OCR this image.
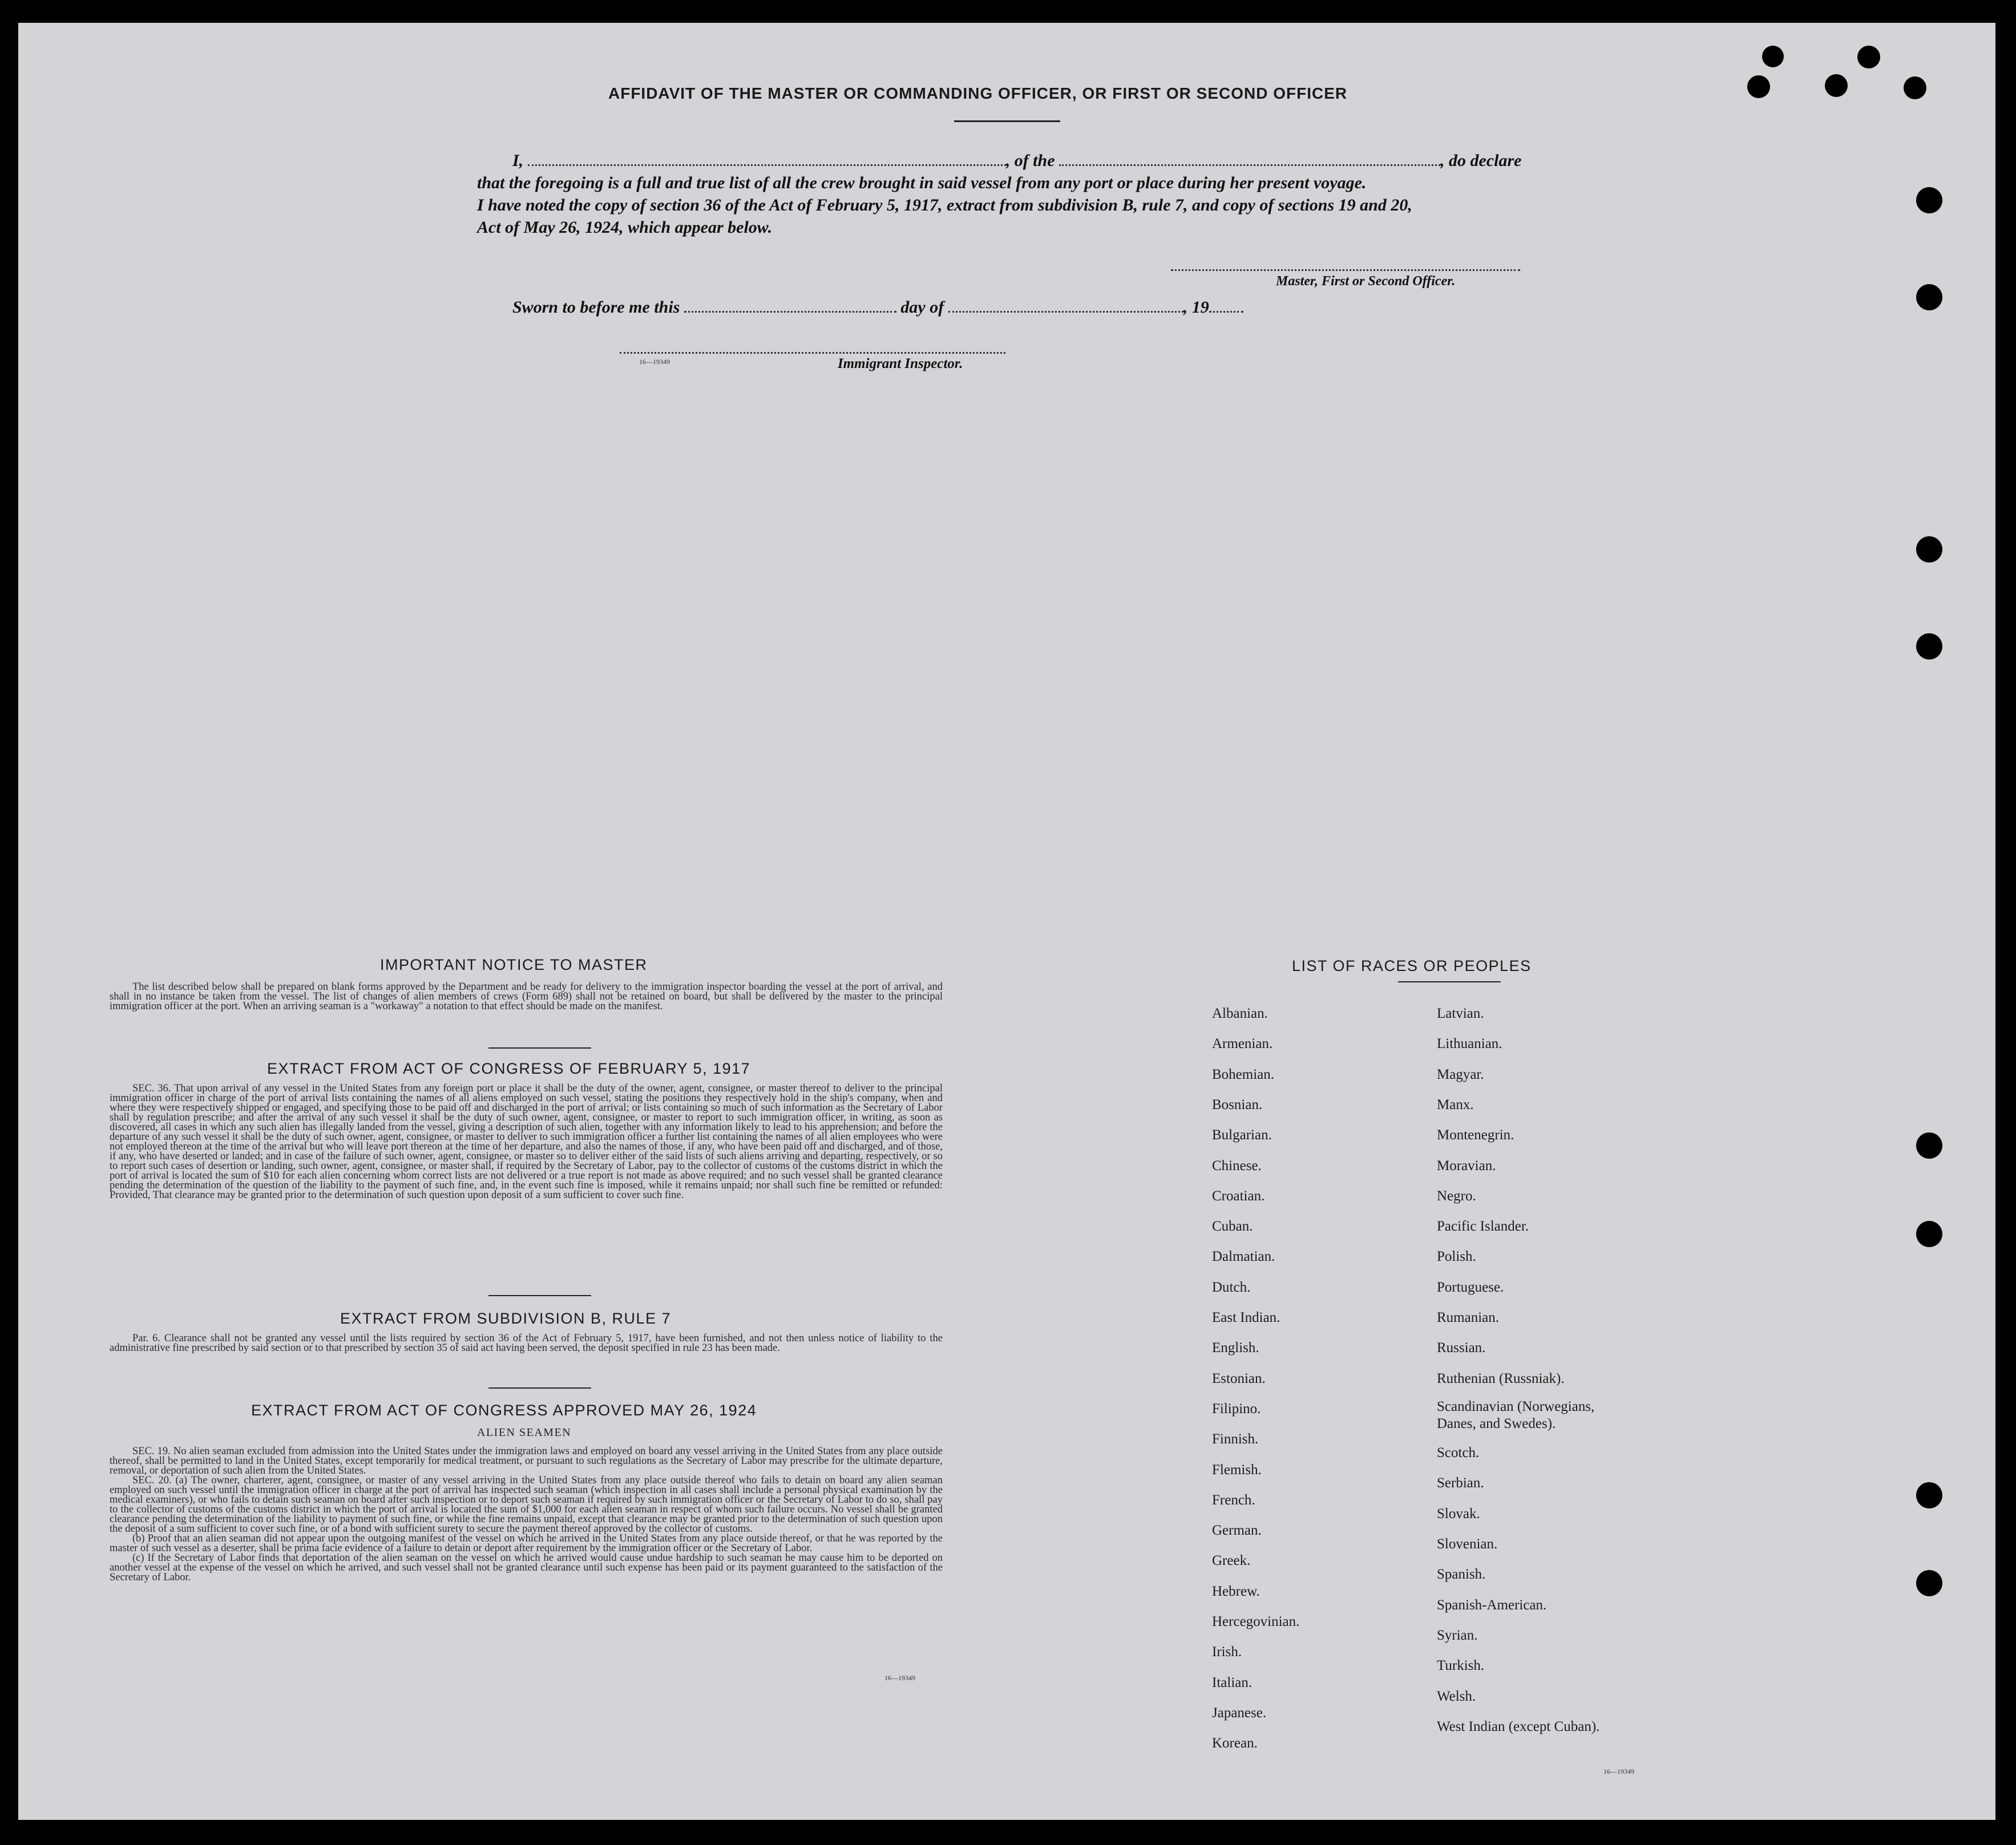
AFFIDAVIT OF THE MASTER OR COMMANDING OFFICER, OR FIRST OR SECOND OFFICER
I,	, of the	, do declare
that the foregoing is a full and true list of all the crew brought in said vessel from any port or place during her present voyage.
I have noted the copy of section 36 of the Act of February 5, 1917, extract from subdivision B, rule 7, and copy of sections 19 and 20,
Act of May 26, 1924, which appear below.
Master, First or Second Officer.
Sworn to before me this	day of	, 19
16—19349	Immigrant Inspector.
IMPORTANT NOTICE TO MASTER

The list described below shall be prepared on blank forms approved by the Department and be ready for delivery to the immigration inspector boarding the vessel at the port of arrival, and shall in no instance be taken from the vessel. The list of changes of alien members of crews (Form 689) shall not be retained on board, but shall be delivered by the master to the principal immigration officer at the port. When an arriving seaman is a "workaway" a notation to that effect should be made on the manifest.

EXTRACT FROM ACT OF CONGRESS OF FEBRUARY 5, 1917

SEC. 36. That upon arrival of any vessel in the United States from any foreign port or place it shall be the duty of the owner, agent, consignee, or master thereof to deliver to the principal immigration officer in charge of the port of arrival lists containing the names of all aliens employed on such vessel, stating the positions they respectively hold in the ship's company, when and where they were respectively shipped or engaged, and specifying those to be paid off and discharged in the port of arrival; or lists containing so much of such information as the Secretary of Labor shall by regulation prescribe; and after the arrival of any such vessel it shall be the duty of such owner, agent, consignee, or master to report to such immigration officer, in writing, as soon as discovered, all cases in which any such alien has illegally landed from the vessel, giving a description of such alien, together with any information likely to lead to his apprehension; and before the departure of any such vessel it shall be the duty of such owner, agent, consignee, or master to deliver to such immigration officer a further list containing the names of all alien employees who were not employed thereon at the time of the arrival but who will leave port thereon at the time of her departure, and also the names of those, if any, who have been paid off and discharged, and of those, if any, who have deserted or landed; and in case of the failure of such owner, agent, consignee, or master so to deliver either of the said lists of such aliens arriving and departing, respectively, or so to report such cases of desertion or landing, such owner, agent, consignee, or master shall, if required by the Secretary of Labor, pay to the collector of customs of the customs district in which the port of arrival is located the sum of $10 for each alien concerning whom correct lists are not delivered or a true report is not made as above required; and no such vessel shall be granted clearance pending the determination of the question of the liability to the payment of such fine, and, in the event such fine is imposed, while it remains unpaid; nor shall such fine be remitted or refunded: Provided, That clearance may be granted prior to the determination of such question upon deposit of a sum sufficient to cover such fine.

EXTRACT FROM SUBDIVISION B, RULE 7

Par. 6. Clearance shall not be granted any vessel until the lists required by section 36 of the Act of February 5, 1917, have been furnished, and not then unless notice of liability to the administrative fine prescribed by said section or to that prescribed by section 35 of said act having been served, the deposit specified in rule 23 has been made.

EXTRACT FROM ACT OF CONGRESS APPROVED MAY 26, 1924
ALIEN SEAMEN

SEC. 19. No alien seaman excluded from admission into the United States under the immigration laws and employed on board any vessel arriving in the United States from any place outside thereof, shall be permitted to land in the United States, except temporarily for medical treatment, or pursuant to such regulations as the Secretary of Labor may prescribe for the ultimate departure, removal, or deportation of such alien from the United States.

SEC. 20. (a) The owner, charterer, agent, consignee, or master of any vessel arriving in the United States from any place outside thereof who fails to detain on board any alien seaman employed on such vessel until the immigration officer in charge at the port of arrival has inspected such seaman (which inspection in all cases shall include a personal physical examination by the medical examiners), or who fails to detain such seaman on board after such inspection or to deport such seaman if required by such immigration officer or the Secretary of Labor to do so, shall pay to the collector of customs of the customs district in which the port of arrival is located the sum of $1,000 for each alien seaman in respect of whom such failure occurs. No vessel shall be granted clearance pending the determination of the liability to payment of such fine, or while the fine remains unpaid, except that clearance may be granted prior to the determination of such question upon the deposit of a sum sufficient to cover such fine, or of a bond with sufficient surety to secure the payment thereof approved by the collector of customs.

(b) Proof that an alien seaman did not appear upon the outgoing manifest of the vessel on which he arrived in the United States from any place outside thereof, or that he was reported by the master of such vessel as a deserter, shall be prima facie evidence of a failure to detain or deport after requirement by the immigration officer or the Secretary of Labor.

(c) If the Secretary of Labor finds that deportation of the alien seaman on the vessel on which he arrived would cause undue hardship to such seaman he may cause him to be deported on another vessel at the expense of the vessel on which he arrived, and such vessel shall not be granted clearance until such expense has been paid or its payment guaranteed to the satisfaction of the Secretary of Labor.

16—19349
LIST OF RACES OR PEOPLES
16—19349
Albanian.
Armenian.
Bohemian.
Bosnian.
Bulgarian.
Chinese.
Croatian.
Cuban.
Dalmatian.
Dutch.
East Indian.
English.
Estonian.
Filipino.
Finnish.
Flemish.
French.
German.
Greek.
Hebrew.
Hercegovinian.
Irish.
Italian.
Japanese.
Korean.
Latvian.
Lithuanian.
Magyar.
Manx.
Montenegrin.
Moravian.
Negro.
Pacific Islander.
Polish.
Portuguese.
Rumanian.
Russian.
Ruthenian (Russniak).
Scandinavian (Norwegians,
Danes, and Swedes).
Scotch.
Serbian.
Slovak.
Slovenian.
Spanish.
Spanish-American.
Syrian.
Turkish.
Welsh.
West Indian (except Cuban).
